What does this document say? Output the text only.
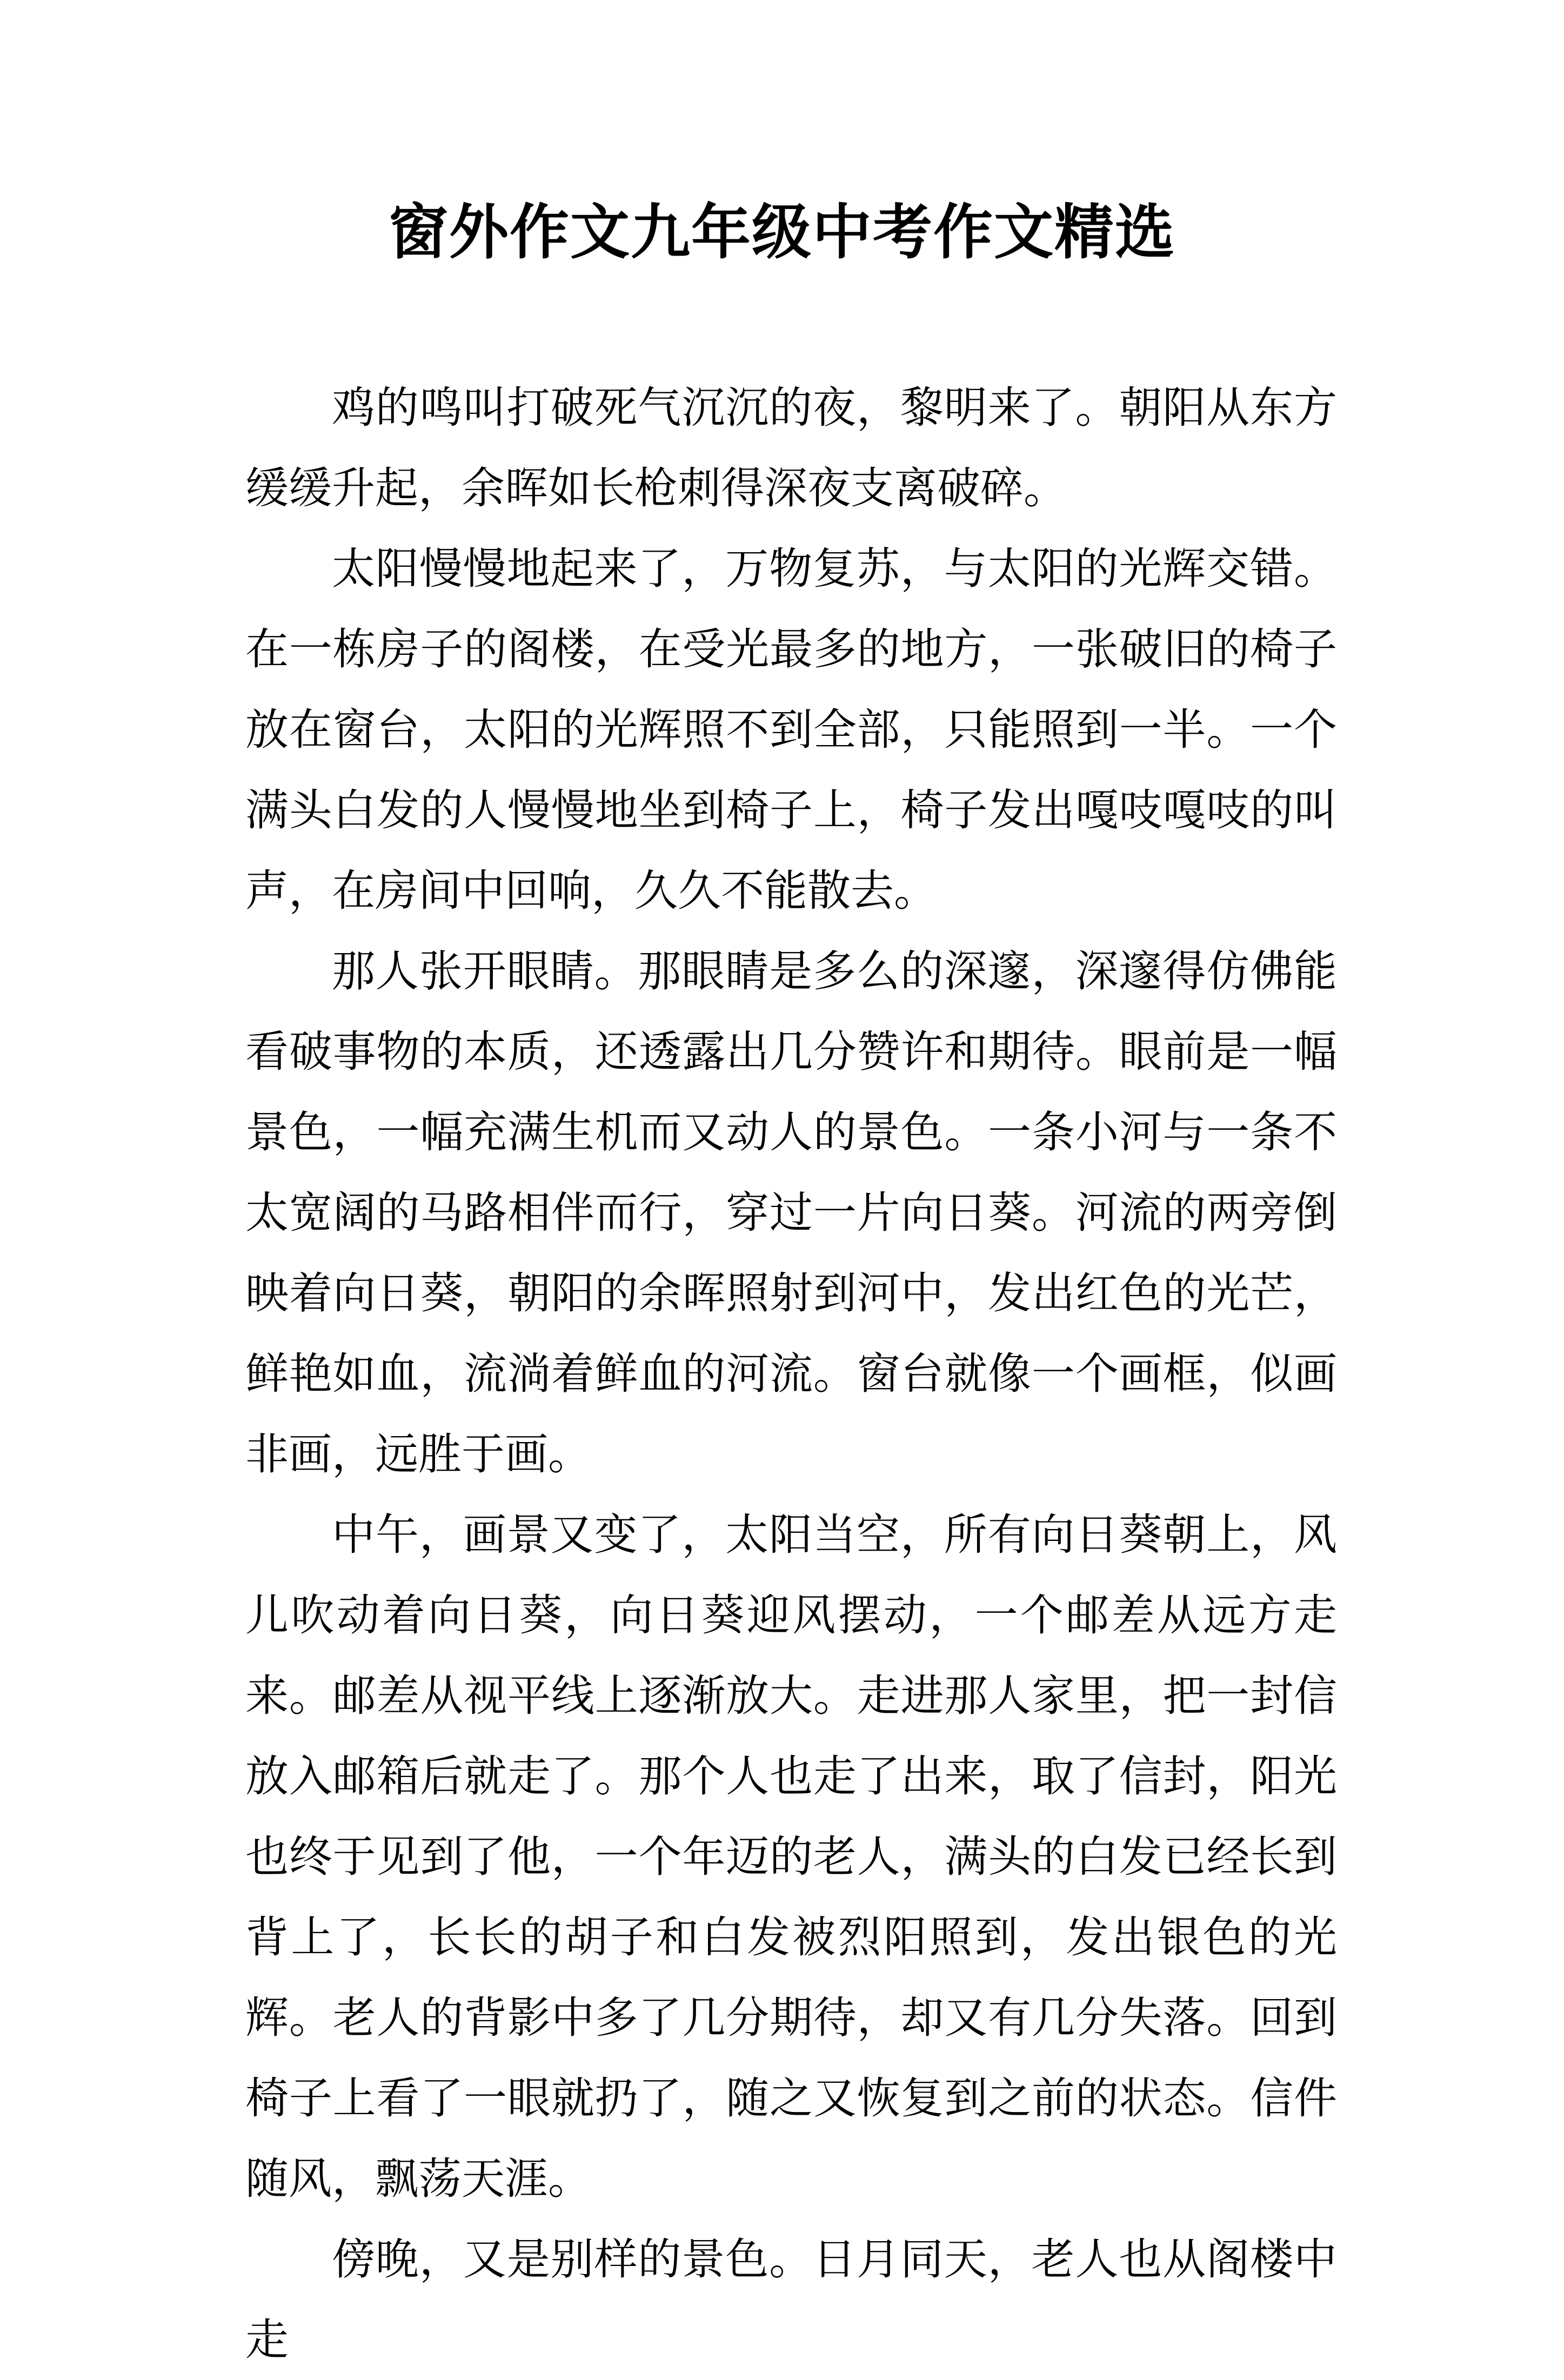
窗外作文九年级中考作文精选

鸡的鸣叫打破死气沉沉的夜，黎明来了。朝阳从东方缓缓升起，余晖如长枪刺得深夜支离破碎。

太阳慢慢地起来了，万物复苏，与太阳的光辉交错。在一栋房子的阁楼，在受光最多的地方，一张破旧的椅子放在窗台，太阳的光辉照不到全部，只能照到一半。一个满头白发的人慢慢地坐到椅子上，椅子发出嘎吱嘎吱的叫声，在房间中回响，久久不能散去。

那人张开眼睛。那眼睛是多么的深邃，深邃得仿佛能看破事物的本质，还透露出几分赞许和期待。眼前是一幅景色，一幅充满生机而又动人的景色。一条小河与一条不太宽阔的马路相伴而行，穿过一片向日葵。河流的两旁倒映着向日葵，朝阳的余晖照射到河中，发出红色的光芒，鲜艳如血，流淌着鲜血的河流。窗台就像一个画框，似画非画，远胜于画。

中午，画景又变了，太阳当空，所有向日葵朝上，风儿吹动着向日葵，向日葵迎风摆动，一个邮差从远方走来。邮差从视平线上逐渐放大。走进那人家里，把一封信放入邮箱后就走了。那个人也走了出来，取了信封，阳光也终于见到了他，一个年迈的老人，满头的白发已经长到背上了，长长的胡子和白发被烈阳照到，发出银色的光辉。老人的背影中多了几分期待，却又有几分失落。回到椅子上看了一眼就扔了，随之又恢复到之前的状态。信件随风，飘荡天涯。

傍晚，又是别样的景色。日月同天，老人也从阁楼中走
